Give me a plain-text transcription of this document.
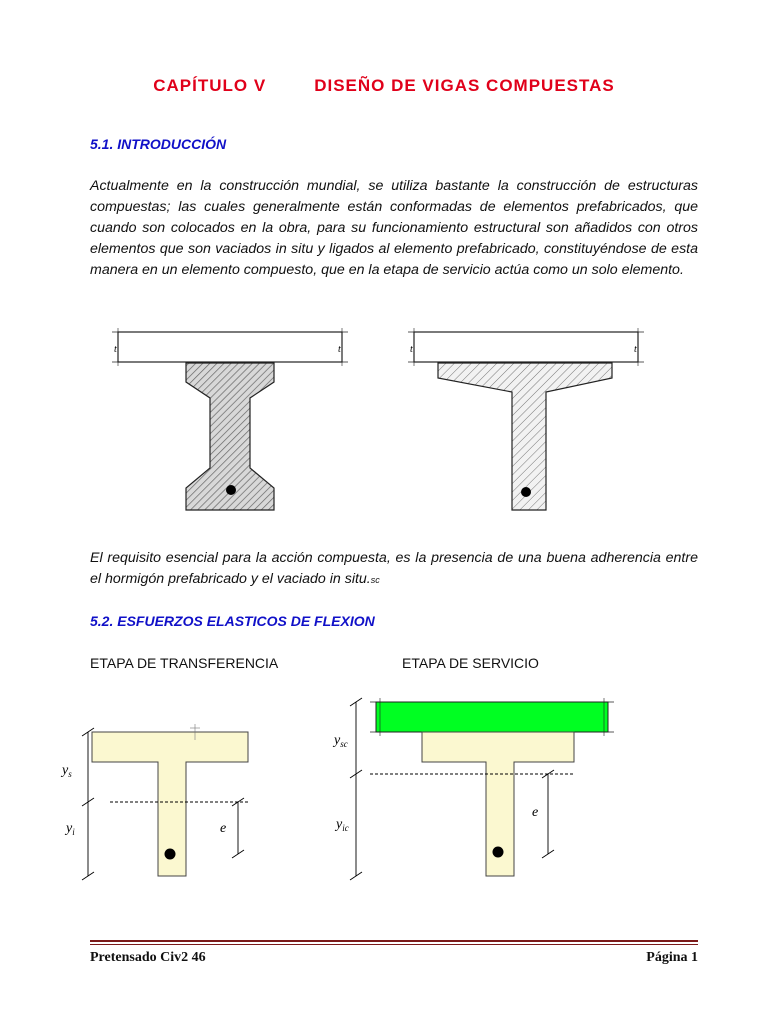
CAPÍTULO V	DISEÑO DE VIGAS COMPUESTAS
5.1. INTRODUCCIÓN
Actualmente en la construcción mundial, se utiliza bastante la construcción de estructuras compuestas; las cuales generalmente están conformadas de elementos prefabricados, que cuando son colocados en la obra, para su funcionamiento estructural son añadidos con otros elementos que son vaciados in situ y ligados al elemento prefabricado, constituyéndose de esta manera en un elemento compuesto, que en la etapa de servicio actúa como un solo elemento.
t	t	t	t
El requisito esencial para la acción compuesta, es la presencia de una buena adherencia entre el hormigón prefabricado y el vaciado in situ.sc
5.2. ESFUERZOS ELASTICOS DE FLEXION
ETAPA DE TRANSFERENCIA	ETAPA DE SERVICIO
$y_s$
$y_i$	e
$y_{sc}$
$y_{ic}$
e
Pretensado Civ2 46	Página 1
